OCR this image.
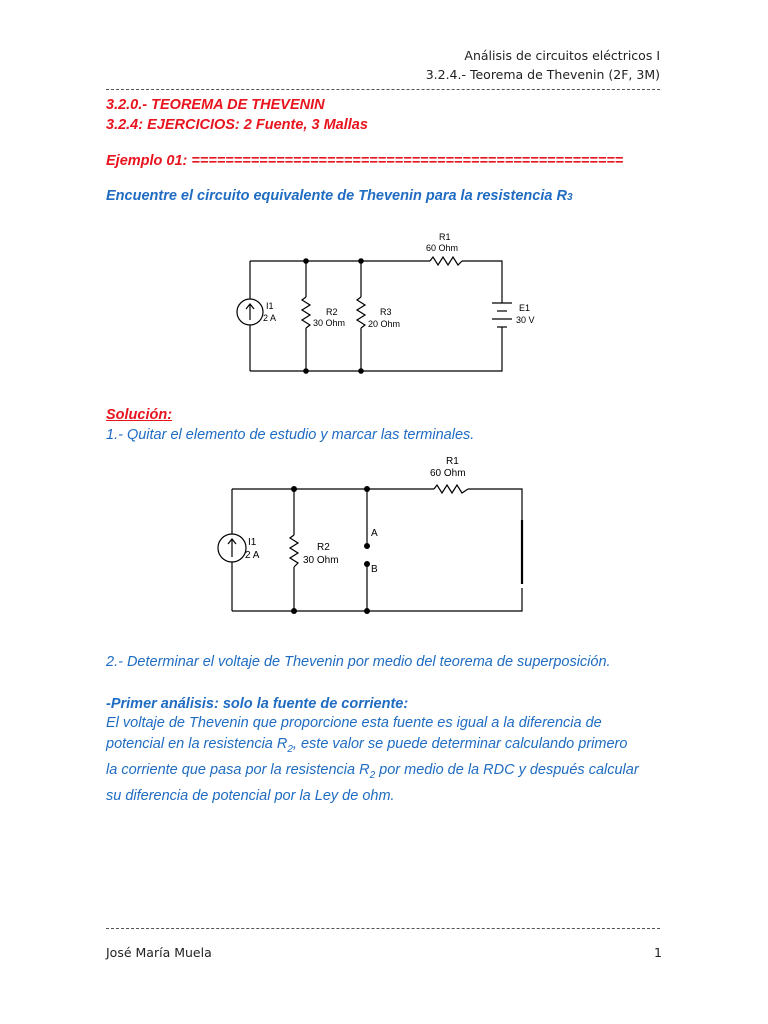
Análisis de circuitos eléctricos I
3.2.4.- Teorema de Thevenin (2F, 3M)
3.2.0.- TEOREMA DE THEVENIN
3.2.4: EJERCICIOS: 2 Fuente, 3 Mallas
Ejemplo 01: ===================================================
Encuentre el circuito equivalente de Thevenin para la resistencia R3
R1
60 Ohm
I1
2 A
R2
30 Ohm
R3
20 Ohm
E1
30 V
Solución:
1.- Quitar el elemento de estudio y marcar las terminales.
R1
60 Ohm
I1
2 A
R2
30 Ohm
A
B
2.- Determinar el voltaje de Thevenin por medio del teorema de superposición.
-Primer análisis: solo la fuente de corriente:
El voltaje de Thevenin que proporcione esta fuente es igual a la diferencia de
potencial en la resistencia $R_2$, este valor se puede determinar calculando primero
la corriente que pasa por la resistencia $R_2$ por medio de la RDC y después calcular
su diferencia de potencial por la Ley de ohm.
José María Muela	1
